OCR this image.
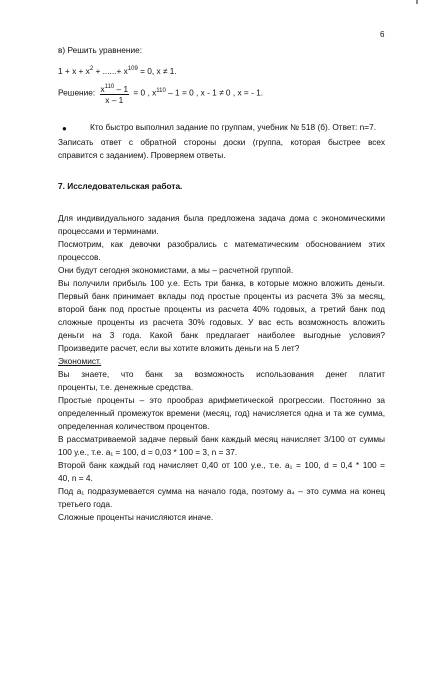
6
в) Решить уравнение:
$1 + x + x^2$ + ......+ $x^{109} = 0$, x ≠ 1.
Решение: $\frac{x^{110} - 1}{x - 1} = 0$ , $x^{110} - 1 = 0$ , x - 1 ≠ 0 , x = - 1.
●	Кто быстро выполнил задание по группам, учебник № 518 (б). Ответ: n=7.
Записать ответ с обратной стороны доски (группа, которая быстрее всех
справится с заданием). Проверяем ответы.
7. Исследовательская работа.
Для индивидуального задания была предложена задача дома с экономическими
процессами и терминами.
Посмотрим, как девочки разобрались с математическим обоснованием этих
процессов.
Они будут сегодня экономистами, а мы – расчетной группой.
Вы получили прибыль 100 у.е. Есть три банка, в которые можно вложить деньги.
Первый банк принимает вклады под простые проценты из расчета 3% за месяц,
второй банк под простые проценты из расчета 40% годовых, а третий банк под
сложные проценты из расчета 30% годовых. У вас есть возможность вложить
деньги на 3 года. Какой банк предлагает наиболее выгодные условия?
Произведите расчет, если вы хотите вложить деньги на 5 лет?
Экономист.
Вы знаете, что банк за возможность использования денег платит
проценты, т.е. денежные средства.
Простые проценты – это прообраз арифметической прогрессии. Постоянно за
определенный промежуток времени (месяц, год) начисляется одна и та же сумма,
определенная количеством процентов.
В рассматриваемой задаче первый банк каждый месяц начисляет 3/100 от суммы
100 у.е., т.е. а₁ = 100, d = 0,03 * 100 = 3, n = 37.
Второй банк каждый год начисляет 0,40 от 100 у.е., т.е. а₁ = 100, d = 0,4 * 100 =
40, n = 4.
Под а₁ подразумевается сумма на начало года, поэтому а₄ – это сумма на конец
третьего года.
Сложные проценты начисляются иначе.
